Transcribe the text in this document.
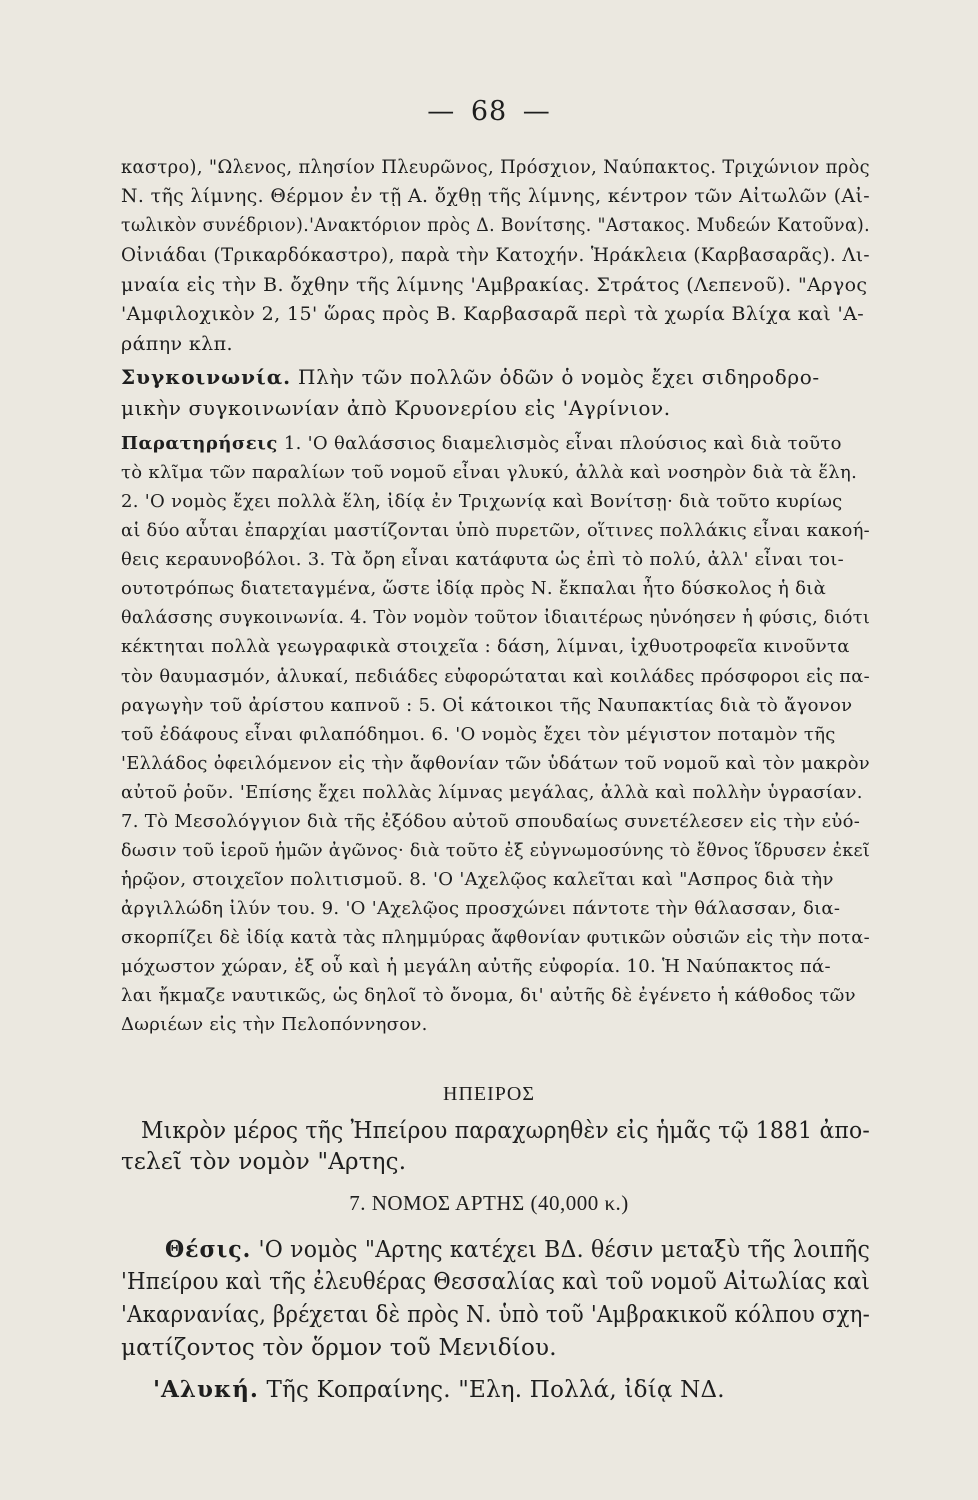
— 68 —
καστρο), "Ωλενος, πλησίον Πλευρῶνος, Πρόσχιον, Ναύπακτος. Τριχώνιον πρὸς
Ν. τῆς λίμνης. Θέρμον ἐν τῇ Α. ὄχθῃ τῆς λίμνης, κέντρον τῶν Αἰτωλῶν (Αἰ-
τωλικὸν συνέδριον).'Ανακτόριον πρὸς Δ. Βονίτσης. "Αστακος. Μυδεών Κατοῦνα).
Οἰνιάδαι (Τρικαρδόκαστρο), παρὰ τὴν Κατοχήν. Ἡράκλεια (Καρβασαρᾶς). Λι-
μναία εἰς τὴν Β. ὄχθην τῆς λίμνης 'Αμβρακίας. Στράτος (Λεπενοῦ). "Αργος
'Αμφιλοχικὸν 2, 15' ὥρας πρὸς Β. Καρβασαρᾶ περὶ τὰ χωρία Βλίχα καὶ 'Α-
ράπην κλπ.
Συγκοινωνία. Πλὴν τῶν πολλῶν ὁδῶν ὁ νομὸς ἔχει σιδηροδρο-
μικὴν συγκοινωνίαν ἀπὸ Κρυονερίου εἰς 'Αγρίνιον.
Παρατηρήσεις 1. 'Ο θαλάσσιος διαμελισμὸς εἶναι πλούσιος καὶ διὰ τοῦτο
τὸ κλῖμα τῶν παραλίων τοῦ νομοῦ εἶναι γλυκύ, ἀλλὰ καὶ νοσηρὸν διὰ τὰ ἕλη.
2. 'Ο νομὸς ἔχει πολλὰ ἕλη, ἰδίᾳ ἐν Τριχωνίᾳ καὶ Βονίτσῃ· διὰ τοῦτο κυρίως
αἱ δύο αὗται ἐπαρχίαι μαστίζονται ὑπὸ πυρετῶν, οἵτινες πολλάκις εἶναι κακοή-
θεις κεραυνοβόλοι. 3. Τὰ ὄρη εἶναι κατάφυτα ὡς ἐπὶ τὸ πολύ, ἀλλ' εἶναι τοι-
ουτοτρόπως διατεταγμένα, ὥστε ἰδίᾳ πρὸς Ν. ἔκπαλαι ἦτο δύσκολος ἡ διὰ
θαλάσσης συγκοινωνία. 4. Τὸν νομὸν τοῦτον ἰδιαιτέρως ηὐνόησεν ἡ φύσις, διότι
κέκτηται πολλὰ γεωγραφικὰ στοιχεῖα : δάση, λίμναι, ἰχθυοτροφεῖα κινοῦντα
τὸν θαυμασμόν, ἁλυκαί, πεδιάδες εὐφορώταται καὶ κοιλάδες πρόσφοροι εἰς πα-
ραγωγὴν τοῦ ἀρίστου καπνοῦ : 5. Οἱ κάτοικοι τῆς Ναυπακτίας διὰ τὸ ἄγονον
τοῦ ἐδάφους εἶναι φιλαπόδημοι. 6. 'Ο νομὸς ἔχει τὸν μέγιστον ποταμὸν τῆς
'Ελλάδος ὀφειλόμενον εἰς τὴν ἄφθονίαν τῶν ὑδάτων τοῦ νομοῦ καὶ τὸν μακρὸν
αὐτοῦ ῥοῦν. 'Επίσης ἔχει πολλὰς λίμνας μεγάλας, ἀλλὰ καὶ πολλὴν ὑγρασίαν.
7. Τὸ Μεσολόγγιον διὰ τῆς ἐξόδου αὐτοῦ σπουδαίως συνετέλεσεν εἰς τὴν εὐό-
δωσιν τοῦ ἱεροῦ ἡμῶν ἀγῶνος· διὰ τοῦτο ἐξ εὐγνωμοσύνης τὸ ἔθνος ἵδρυσεν ἐκεῖ
ἡρῷον, στοιχεῖον πολιτισμοῦ. 8. 'Ο 'Αχελῷος καλεῖται καὶ "Ασπρος διὰ τὴν
ἀργιλλώδη ἰλύν του. 9. 'Ο 'Αχελῷος προσχώνει πάντοτε τὴν θάλασσαν, δια-
σκορπίζει δὲ ἰδίᾳ κατὰ τὰς πλημμύρας ἄφθονίαν φυτικῶν οὐσιῶν εἰς τὴν ποτα-
μόχωστον χώραν, ἐξ οὗ καὶ ἡ μεγάλη αὐτῆς εὐφορία. 10. Ἡ Ναύπακτος πά-
λαι ἤκμαζε ναυτικῶς, ὡς δηλοῖ τὸ ὄνομα, δι' αὐτῆς δὲ ἐγένετο ἡ κάθοδος τῶν
Δωριέων εἰς τὴν Πελοπόννησον.
ΗΠΕΙΡΟΣ
Μικρὸν μέρος τῆς Ἠπείρου παραχωρηθὲν εἰς ἡμᾶς τῷ 1881 ἀπο-
τελεῖ τὸν νομὸν "Αρτης.
7. ΝΟΜΟΣ ΑΡΤΗΣ (40,000 κ.)
Θέσις. 'Ο νομὸς "Αρτης κατέχει ΒΔ. θέσιν μεταξὺ τῆς λοιπῆς
'Ηπείρου καὶ τῆς ἐλευθέρας Θεσσαλίας καὶ τοῦ νομοῦ Αἰτωλίας καὶ
'Ακαρνανίας, βρέχεται δὲ πρὸς Ν. ὑπὸ τοῦ 'Αμβρακικοῦ κόλπου σχη-
ματίζοντος τὸν ὅρμον τοῦ Μενιδίου.
'Αλυκή. Τῆς Κοπραίνης. "Ελη. Πολλά, ἰδίᾳ ΝΔ.
